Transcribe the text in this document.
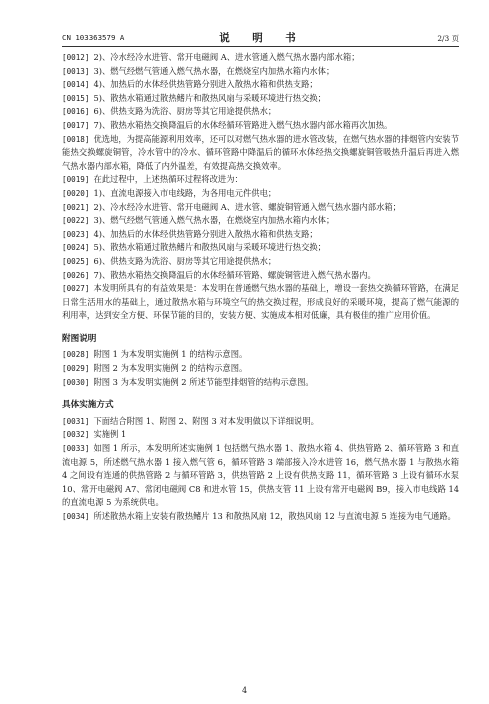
CN 103363579 A	说　明　书	2/3 页

[0012] 2)、冷水经冷水进管、常开电磁阀 A、进水管通入燃气热水器内部水箱；

[0013] 3)、燃气经燃气管通入燃气热水器，在燃烧室内加热水箱内水体；

[0014] 4)、加热后的水体经供热管路分别进入散热水箱和供热支路；

[0015] 5)、散热水箱通过散热鳍片和散热风扇与采暖环境进行热交换；

[0016] 6)、供热支路为洗浴、厨房等其它用途提供热水；

[0017] 7)、散热水箱热交换降温后的水体经循环管路进入燃气热水器内部水箱再次加热。

[0018] 优选地，为提高能源利用效率，还可以对燃气热水器的进水管改装，在燃气热水器的排烟管内安装节能热交换螺旋铜管，冷水管中的冷水、循环管路中降温后的循环水体经热交换螺旋铜管吸热升温后再进入燃气热水器内部水箱，降低了内外温差，有效提高热交换效率。

[0019] 在此过程中，上述热循环过程将改进为：

[0020] 1)、直流电源接入市电线路，为各用电元件供电；

[0021] 2)、冷水经冷水进管、常开电磁阀 A、进水管、螺旋铜管通入燃气热水器内部水箱；

[0022] 3)、燃气经燃气管通入燃气热水器，在燃烧室内加热水箱内水体；

[0023] 4)、加热后的水体经供热管路分别进入散热水箱和供热支路；

[0024] 5)、散热水箱通过散热鳍片和散热风扇与采暖环境进行热交换；

[0025] 6)、供热支路为洗浴、厨房等其它用途提供热水；

[0026] 7)、散热水箱热交换降温后的水体经循环管路、螺旋铜管进入燃气热水器内。

[0027] 本发明所具有的有益效果是：本发明在普通燃气热水器的基础上，增设一套热交换循环管路，在满足日常生活用水的基础上，通过散热水箱与环境空气的热交换过程，形成良好的采暖环境，提高了燃气能源的利用率，达到安全方便、环保节能的目的，安装方便、实施成本相对低廉，具有极佳的推广应用价值。

附图说明

[0028] 附图 1 为本发明实施例 1 的结构示意图。

[0029] 附图 2 为本发明实施例 2 的结构示意图。

[0030] 附图 3 为本发明实施例 2 所述节能型排烟管的结构示意图。

具体实施方式

[0031] 下面结合附图 1、附图 2、附图 3 对本发明做以下详细说明。

[0032] 实施例 1

[0033] 如图 1 所示，本发明所述实施例 1 包括燃气热水器 1、散热水箱 4、供热管路 2、循环管路 3 和直流电源 5，所述燃气热水器 1 接入燃气管 6，循环管路 3 端部接入冷水进管 16，燃气热水器 1 与散热水箱 4 之间设有连通的供热管路 2 与循环管路 3，供热管路 2 上设有供热支路 11，循环管路 3 上设有循环水泵 10、常开电磁阀 A7、常闭电磁阀 C8 和进水管 15，供热支管 11 上设有常开电磁阀 B9，接入市电线路 14 的直流电源 5 为系统供电。

[0034] 所述散热水箱上安装有散热鳍片 13 和散热风扇 12，散热风扇 12 与直流电源 5 连接为电气通路。

4
